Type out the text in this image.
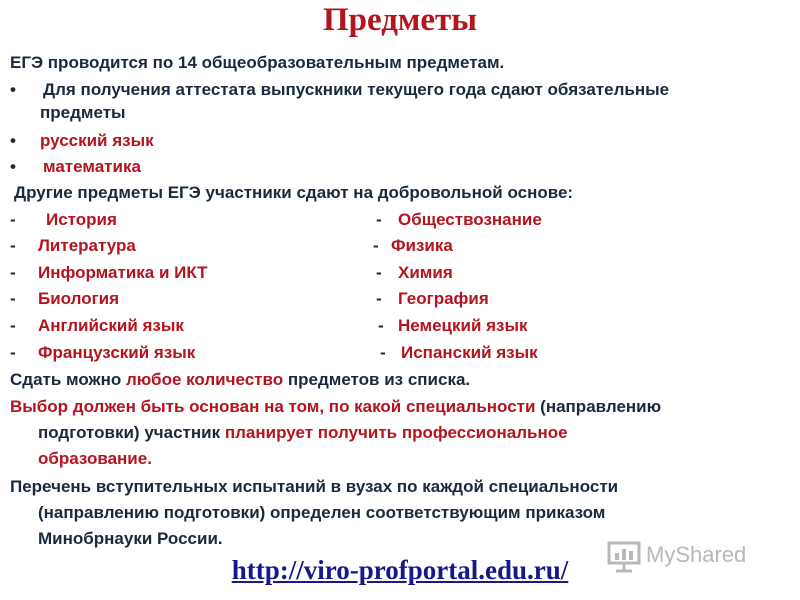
Предметы
ЕГЭ проводится по 14 общеобразовательным предметам.
• Для получения аттестата выпускники текущего года сдают обязательные
предметы
• русский язык
• математика
Другие предметы ЕГЭ участники сдают на добровольной основе:
- История	- Обществознание
- Литература	- Физика
- Информатика и ИКТ	- Химия
- Биология	- География
- Английский язык	- Немецкий язык
- Французский язык	- Испанский язык
Сдать можно любое количество предметов из списка.
Выбор должен быть основан на том, по какой специальности (направлению
подготовки) участник планирует получить профессиональное
образование.
Перечень вступительных испытаний в вузах по каждой специальности
(направлению подготовки) определен соответствующим приказом
Минобрнауки России.
http://viro-profportal.edu.ru/
MyShared
